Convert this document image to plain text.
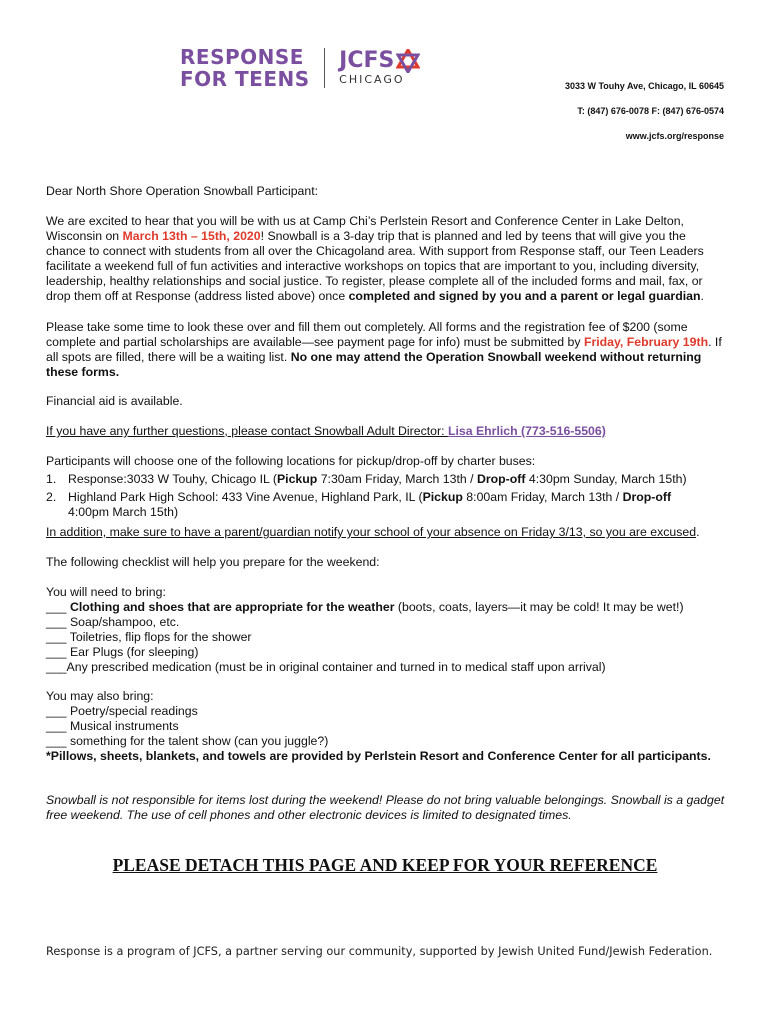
RESPONSE
FOR TEENS
JCFS
CHICAGO	3033 W Touhy Ave, Chicago, IL 60645
T: (847) 676-0078 F: (847) 676-0574
www.jcfs.org/response
Dear North Shore Operation Snowball Participant:
We are excited to hear that you will be with us at Camp Chi’s Perlstein Resort and Conference Center in Lake Delton, Wisconsin on March 13th – 15th, 2020! Snowball is a 3-day trip that is planned and led by teens that will give you the chance to connect with students from all over the Chicagoland area. With support from Response staff, our Teen Leaders facilitate a weekend full of fun activities and interactive workshops on topics that are important to you, including diversity, leadership, healthy relationships and social justice. To register, please complete all of the included forms and mail, fax, or drop them off at Response (address listed above) once completed and signed by you and a parent or legal guardian.
Please take some time to look these over and fill them out completely. All forms and the registration fee of $200 (some complete and partial scholarships are available—see payment page for info) must be submitted by Friday, February 19th. If all spots are filled, there will be a waiting list. No one may attend the Operation Snowball weekend without returning these forms.
Financial aid is available.
If you have any further questions, please contact Snowball Adult Director: Lisa Ehrlich (773-516-5506)
Participants will choose one of the following locations for pickup/drop-off by charter buses:
1. Response:3033 W Touhy, Chicago IL (Pickup 7:30am Friday, March 13th / Drop-off 4:30pm Sunday, March 15th)
2. Highland Park High School: 433 Vine Avenue, Highland Park, IL (Pickup 8:00am Friday, March 13th / Drop-off
4:00pm March 15th)
In addition, make sure to have a parent/guardian notify your school of your absence on Friday 3/13, so you are excused.
The following checklist will help you prepare for the weekend:

You will need to bring:

___ Clothing and shoes that are appropriate for the weather (boots, coats, layers—it may be cold! It may be wet!)

___ Soap/shampoo, etc.

___ Toiletries, flip flops for the shower

___ Ear Plugs (for sleeping)

___Any prescribed medication (must be in original container and turned in to medical staff upon arrival)

You may also bring:

___ Poetry/special readings

___ Musical instruments

___ something for the talent show (can you juggle?)

*Pillows, sheets, blankets, and towels are provided by Perlstein Resort and Conference Center for all participants.

Snowball is not responsible for items lost during the weekend! Please do not bring valuable belongings. Snowball is a gadget free weekend. The use of cell phones and other electronic devices is limited to designated times.
PLEASE DETACH THIS PAGE AND KEEP FOR YOUR REFERENCE
Response is a program of JCFS, a partner serving our community, supported by Jewish United Fund/Jewish Federation.
